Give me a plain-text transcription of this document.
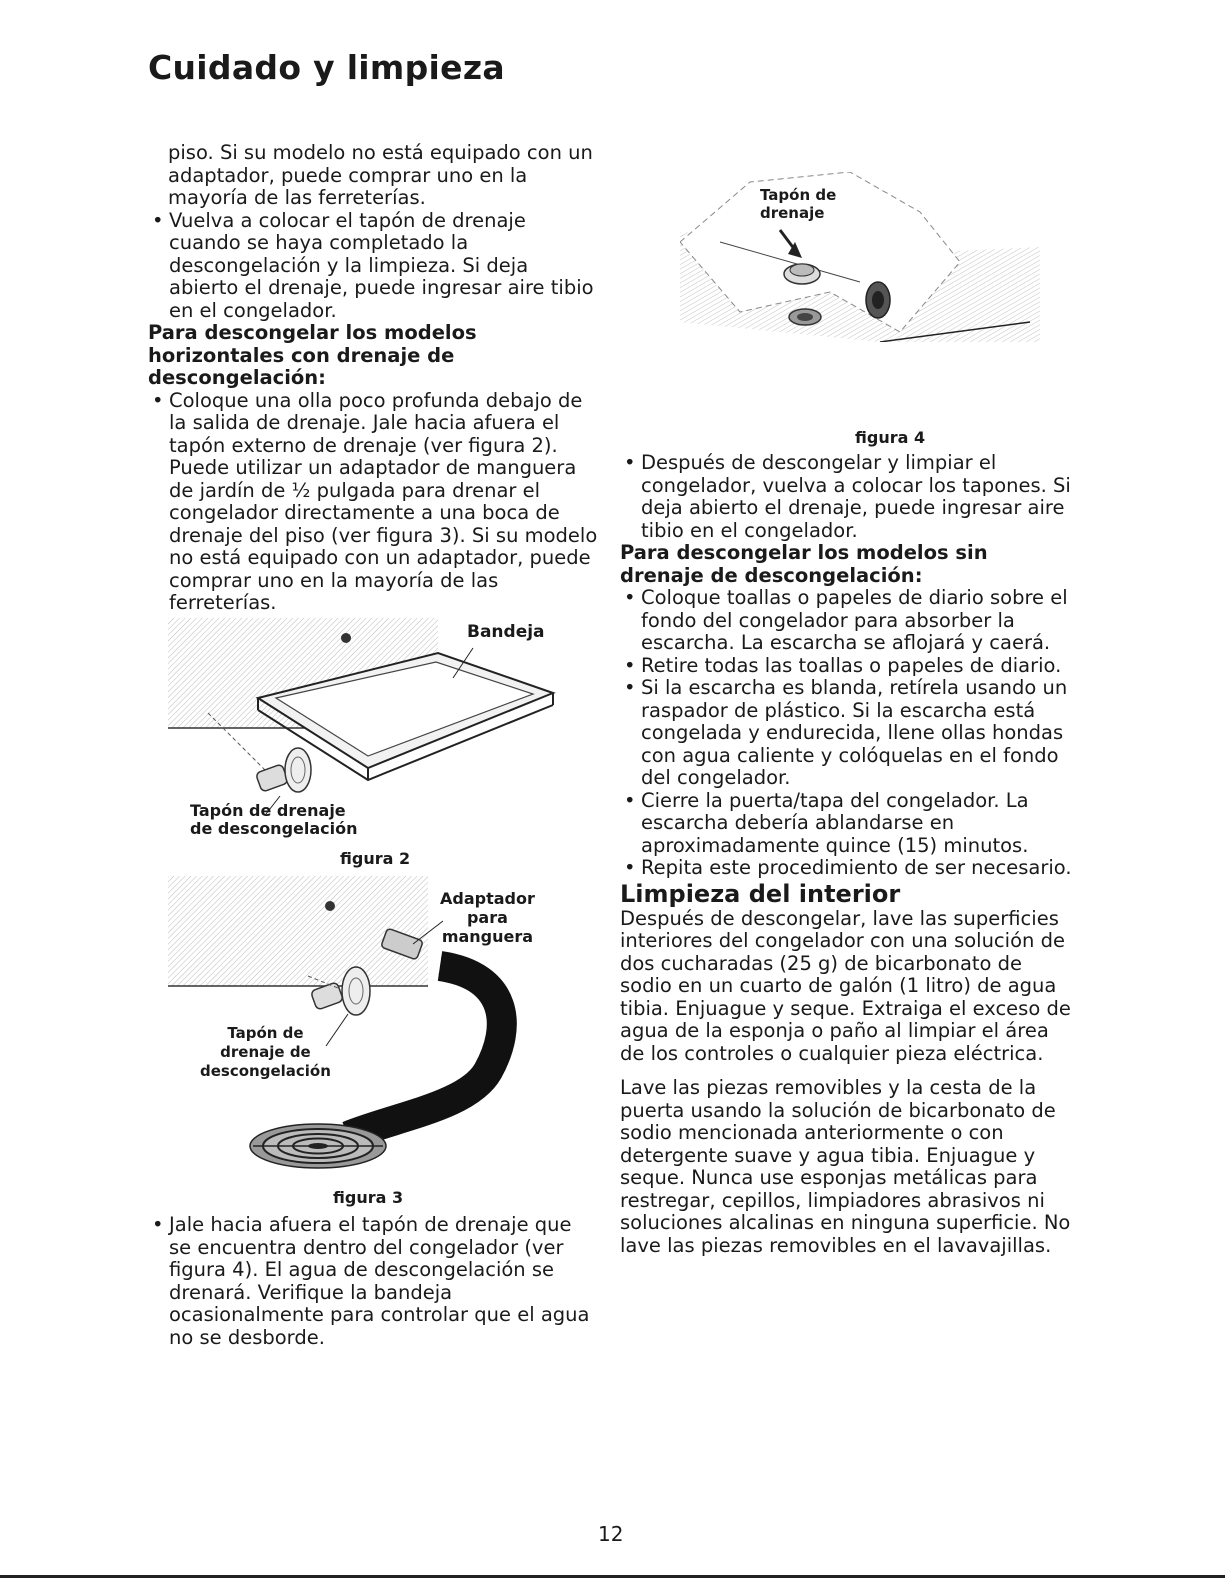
Cuidado y limpieza

piso. Si su modelo no está equipado con un adaptador, puede comprar uno en la mayoría de las ferreterías.

• Vuelva a colocar el tapón de drenaje cuando se haya completado la descongelación y la limpieza. Si deja abierto el drenaje, puede ingresar aire tibio en el congelador.

Para descongelar los modelos horizontales con drenaje de descongelación:

• Coloque una olla poco profunda debajo de la salida de drenaje. Jale hacia afuera el tapón externo de drenaje (ver figura 2). Puede utilizar un adaptador de manguera de jardín de ½ pulgada para drenar el congelador directamente a una boca de drenaje del piso (ver figura 3). Si su modelo no está equipado con un adaptador, puede comprar uno en la mayoría de las ferreterías.

Bandeja
Tapón de drenaje
de descongelación
figura 2
Adaptador
para
manguera
Tapón de
drenaje de
descongelación
figura 3

• Jale hacia afuera el tapón de drenaje que se encuentra dentro del congelador (ver figura 4). El agua de descongelación se drenará. Verifique la bandeja ocasionalmente para controlar que el agua no se desborde.

Tapón de
drenaje
figura 4

• Después de descongelar y limpiar el congelador, vuelva a colocar los tapones. Si deja abierto el drenaje, puede ingresar aire tibio en el congelador.

Para descongelar los modelos sin drenaje de descongelación:

• Coloque toallas o papeles de diario sobre el fondo del congelador para absorber la escarcha. La escarcha se aflojará y caerá.

• Retire todas las toallas o papeles de diario.

• Si la escarcha es blanda, retírela usando un raspador de plástico. Si la escarcha está congelada y endurecida, llene ollas hondas con agua caliente y colóquelas en el fondo del congelador.

• Cierre la puerta/tapa del congelador. La escarcha debería ablandarse en aproximadamente quince (15) minutos.

• Repita este procedimiento de ser necesario.

Limpieza del interior

Después de descongelar, lave las superficies interiores del congelador con una solución de dos cucharadas (25 g) de bicarbonato de sodio en un cuarto de galón (1 litro) de agua tibia. Enjuague y seque. Extraiga el exceso de agua de la esponja o paño al limpiar el área de los controles o cualquier pieza eléctrica.

Lave las piezas removibles y la cesta de la puerta usando la solución de bicarbonato de sodio mencionada anteriormente o con detergente suave y agua tibia. Enjuague y seque. Nunca use esponjas metálicas para restregar, cepillos, limpiadores abrasivos ni soluciones alcalinas en ninguna superficie. No lave las piezas removibles en el lavavajillas.

12
